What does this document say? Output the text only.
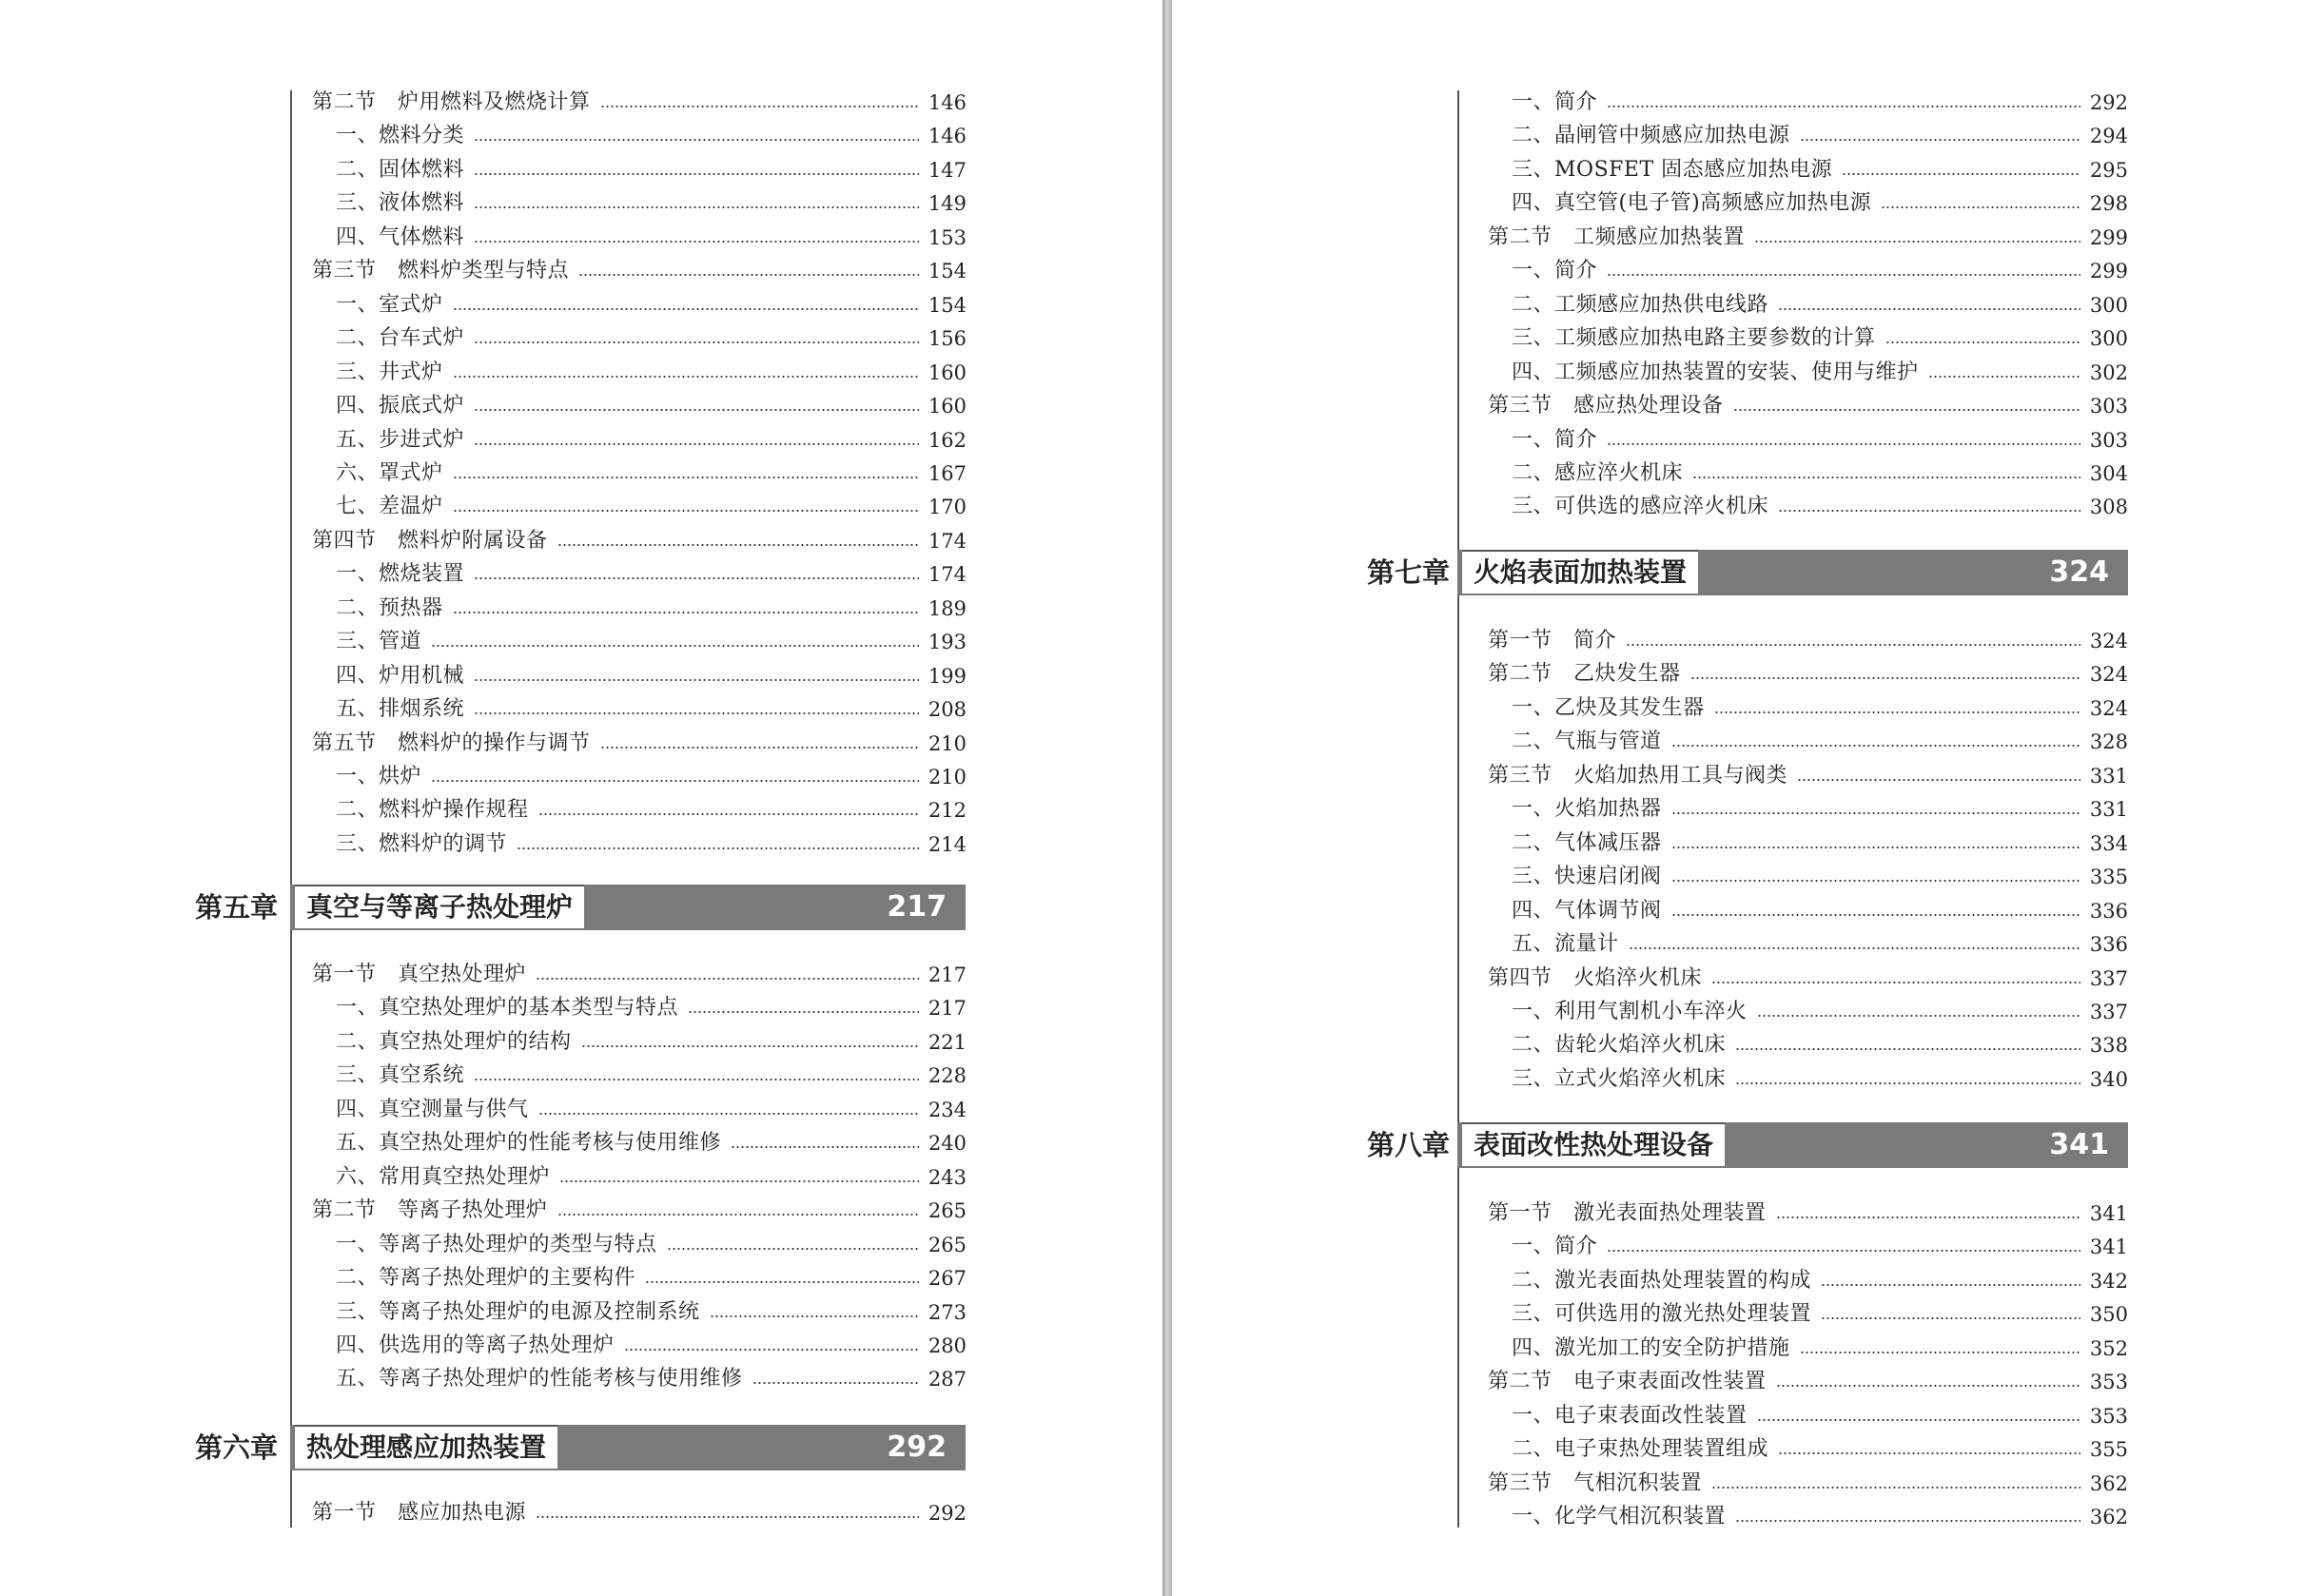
第二节　炉用燃料及燃烧计算	146
一、燃料分类	146
二、固体燃料	147
三、液体燃料	149
四、气体燃料	153
第三节　燃料炉类型与特点	154
一、室式炉	154
二、台车式炉	156
三、井式炉	160
四、振底式炉	160
五、步进式炉	162
六、罩式炉	167
七、差温炉	170
第四节　燃料炉附属设备	174
一、燃烧装置	174
二、预热器	189
三、管道	193
四、炉用机械	199
五、排烟系统	208
第五节　燃料炉的操作与调节	210
一、烘炉	210
二、燃料炉操作规程	212
三、燃料炉的调节	214
第五章	真空与等离子热处理炉	217
第一节　真空热处理炉	217
一、真空热处理炉的基本类型与特点	217
二、真空热处理炉的结构	221
三、真空系统	228
四、真空测量与供气	234
五、真空热处理炉的性能考核与使用维修	240
六、常用真空热处理炉	243
第二节　等离子热处理炉	265
一、等离子热处理炉的类型与特点	265
二、等离子热处理炉的主要构件	267
三、等离子热处理炉的电源及控制系统	273
四、供选用的等离子热处理炉	280
五、等离子热处理炉的性能考核与使用维修	287
第六章	热处理感应加热装置	292
第一节　感应加热电源	292
一、简介	292
二、晶闸管中频感应加热电源	294
三、MOSFET 固态感应加热电源	295
四、真空管(电子管)高频感应加热电源	298
第二节　工频感应加热装置	299
一、简介	299
二、工频感应加热供电线路	300
三、工频感应加热电路主要参数的计算	300
四、工频感应加热装置的安装、使用与维护	302
第三节　感应热处理设备	303
一、简介	303
二、感应淬火机床	304
三、可供选的感应淬火机床	308
第七章 火焰表面加热装置	324
第一节　简介	324
第二节　乙炔发生器	324
一、乙炔及其发生器	324
二、气瓶与管道	328
第三节　火焰加热用工具与阀类	331
一、火焰加热器	331
二、气体减压器	334
三、快速启闭阀	335
四、气体调节阀	336
五、流量计	336
第四节　火焰淬火机床	337
一、利用气割机小车淬火	337
二、齿轮火焰淬火机床	338
三、立式火焰淬火机床	340
第八章 表面改性热处理设备	341
第一节　激光表面热处理装置	341
一、简介	341
二、激光表面热处理装置的构成	342
三、可供选用的激光热处理装置	350
四、激光加工的安全防护措施	352
第二节　电子束表面改性装置	353
一、电子束表面改性装置	353
二、电子束热处理装置组成	355
第三节　气相沉积装置	362
一、化学气相沉积装置	362
